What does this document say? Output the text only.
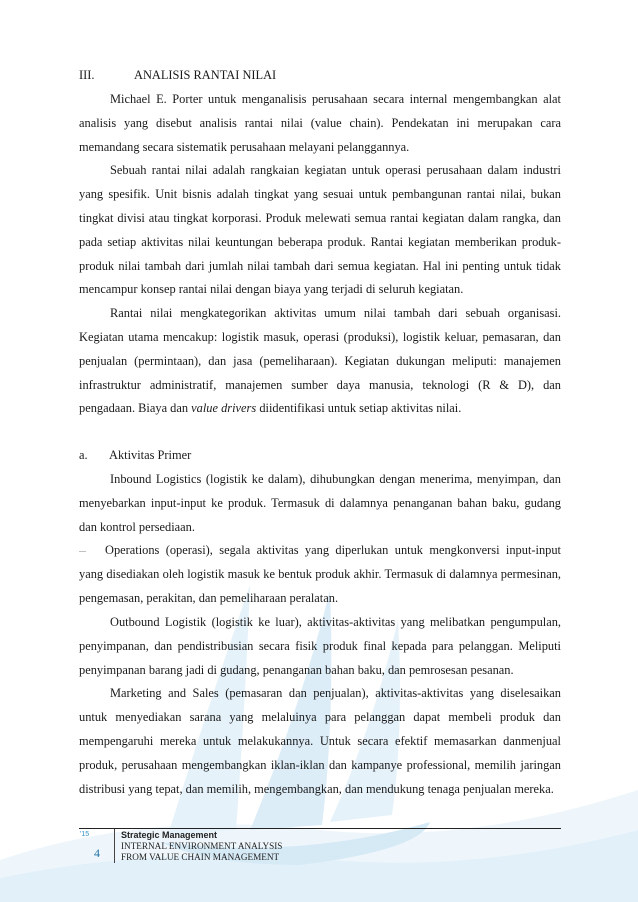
III.	ANALISIS RANTAI NILAI

Michael E. Porter untuk menganalisis perusahaan secara internal mengembangkan alat analisis yang disebut analisis rantai nilai (value chain). Pendekatan ini merupakan cara memandang secara sistematik perusahaan melayani pelanggannya.

Sebuah rantai nilai adalah rangkaian kegiatan untuk operasi perusahaan dalam industri yang spesifik. Unit bisnis adalah tingkat yang sesuai untuk pembangunan rantai nilai, bukan tingkat divisi atau tingkat korporasi. Produk melewati semua rantai kegiatan dalam rangka, dan pada setiap aktivitas nilai keuntungan beberapa produk. Rantai kegiatan memberikan produk-produk nilai tambah dari jumlah nilai tambah dari semua kegiatan. Hal ini penting untuk tidak mencampur konsep rantai nilai dengan biaya yang terjadi di seluruh kegiatan.

Rantai nilai mengkategorikan aktivitas umum nilai tambah dari sebuah organisasi. Kegiatan utama mencakup: logistik masuk, operasi (produksi), logistik keluar, pemasaran, dan penjualan (permintaan), dan jasa (pemeliharaan). Kegiatan dukungan meliputi: manajemen infrastruktur administratif, manajemen sumber daya manusia, teknologi (R & D), dan pengadaan. Biaya dan value drivers diidentifikasi untuk setiap aktivitas nilai.

a. Aktivitas Primer

Inbound Logistics (logistik ke dalam), dihubungkan dengan menerima, menyimpan, dan menyebarkan input-input ke produk. Termasuk di dalamnya penanganan bahan baku, gudang dan kontrol persediaan.

— Operations (operasi), segala aktivitas yang diperlukan untuk mengkonversi input-input yang disediakan oleh logistik masuk ke bentuk produk akhir. Termasuk di dalamnya permesinan, pengemasan, perakitan, dan pemeliharaan peralatan.

Outbound Logistik (logistik ke luar), aktivitas-aktivitas yang melibatkan pengumpulan, penyimpanan, dan pendistribusian secara fisik produk final kepada para pelanggan. Meliputi penyimpanan barang jadi di gudang, penanganan bahan baku, dan pemrosesan pesanan.

Marketing and Sales (pemasaran dan penjualan), aktivitas-aktivitas yang diselesaikan untuk menyediakan sarana yang melaluinya para pelanggan dapat membeli produk dan mempengaruhi mereka untuk melakukannya. Untuk secara efektif memasarkan danmenjual produk, perusahaan mengembangkan iklan-iklan dan kampanye professional, memilih jaringan distribusi yang tepat, dan memilih, mengembangkan, dan mendukung tenaga penjualan mereka.

'15
4
Strategic Management
INTERNAL ENVIRONMENT ANALYSIS
FROM VALUE CHAIN MANAGEMENT
